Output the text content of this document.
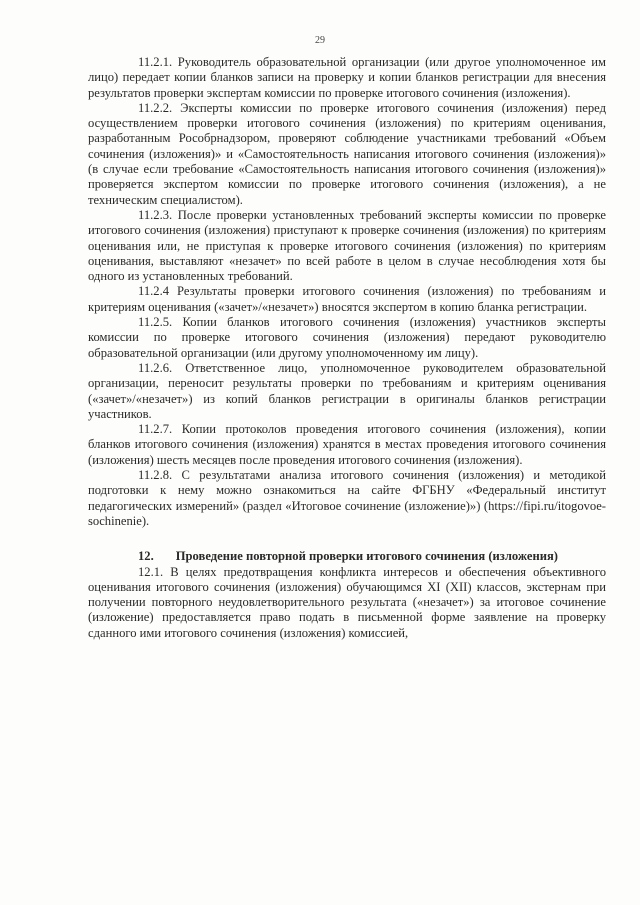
29

11.2.1. Руководитель образовательной организации (или другое уполномоченное им лицо) передает копии бланков записи на проверку и копии бланков регистрации для внесения результатов проверки экспертам комиссии по проверке итогового сочинения (изложения).

11.2.2. Эксперты комиссии по проверке итогового сочинения (изложения) перед осуществлением проверки итогового сочинения (изложения) по критериям оценивания, разработанным Рособрнадзором, проверяют соблюдение участниками требований «Объем сочинения (изложения)» и «Самостоятельность написания итогового сочинения (изложения)» (в случае если требование «Самостоятельность написания итогового сочинения (изложения)» проверяется экспертом комиссии по проверке итогового сочинения (изложения), а не техническим специалистом).

11.2.3. После проверки установленных требований эксперты комиссии по проверке итогового сочинения (изложения) приступают к проверке сочинения (изложения) по критериям оценивания или, не приступая к проверке итогового сочинения (изложения) по критериям оценивания, выставляют «незачет» по всей работе в целом в случае несоблюдения хотя бы одного из установленных требований.

11.2.4 Результаты проверки итогового сочинения (изложения) по требованиям и критериям оценивания («зачет»/«незачет») вносятся экспертом в копию бланка регистрации.

11.2.5. Копии бланков итогового сочинения (изложения) участников эксперты комиссии по проверке итогового сочинения (изложения) передают руководителю образовательной организации (или другому уполномоченному им лицу).

11.2.6. Ответственное лицо, уполномоченное руководителем образовательной организации, переносит результаты проверки по требованиям и критериям оценивания («зачет»/«незачет») из копий бланков регистрации в оригиналы бланков регистрации участников.

11.2.7. Копии протоколов проведения итогового сочинения (изложения), копии бланков итогового сочинения (изложения) хранятся в местах проведения итогового сочинения (изложения) шесть месяцев после проведения итогового сочинения (изложения).

11.2.8. С результатами анализа итогового сочинения (изложения) и методикой подготовки к нему можно ознакомиться на сайте ФГБНУ «Федеральный институт педагогических измерений» (раздел «Итоговое сочинение (изложение)») (https://fipi.ru/itogovoe-sochinenie).

12. Проведение повторной проверки итогового сочинения (изложения)

12.1. В целях предотвращения конфликта интересов и обеспечения объективного оценивания итогового сочинения (изложения) обучающимся XI (XII) классов, экстернам при получении повторного неудовлетворительного результата («незачет») за итоговое сочинение (изложение) предоставляется право подать в письменной форме заявление на проверку сданного ими итогового сочинения (изложения) комиссией,
